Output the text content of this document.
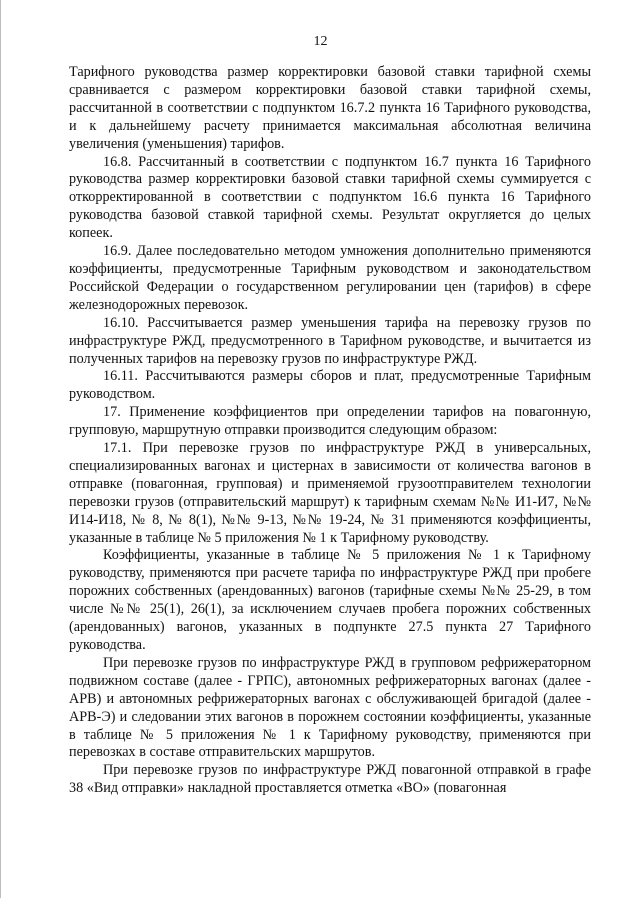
12

Тарифного руководства размер корректировки базовой ставки тарифной схемы сравнивается с размером корректировки базовой ставки тарифной схемы, рассчитанной в соответствии с подпунктом 16.7.2 пункта 16 Тарифного руководства, и к дальнейшему расчету принимается максимальная абсолютная величина увеличения (уменьшения) тарифов.

16.8. Рассчитанный в соответствии с подпунктом 16.7 пункта 16 Тарифного руководства размер корректировки базовой ставки тарифной схемы суммируется с откорректированной в соответствии с подпунктом 16.6 пункта 16 Тарифного руководства базовой ставкой тарифной схемы. Результат округляется до целых копеек.

16.9. Далее последовательно методом умножения дополнительно применяются коэффициенты, предусмотренные Тарифным руководством и законодательством Российской Федерации о государственном регулировании цен (тарифов) в сфере железнодорожных перевозок.

16.10. Рассчитывается размер уменьшения тарифа на перевозку грузов по инфраструктуре РЖД, предусмотренного в Тарифном руководстве, и вычитается из полученных тарифов на перевозку грузов по инфраструктуре РЖД.

16.11. Рассчитываются размеры сборов и плат, предусмотренные Тарифным руководством.

17. Применение коэффициентов при определении тарифов на повагонную, групповую, маршрутную отправки производится следующим образом:

17.1. При перевозке грузов по инфраструктуре РЖД в универсальных, специализированных вагонах и цистернах в зависимости от количества вагонов в отправке (повагонная, групповая) и применяемой грузоотправителем технологии перевозки грузов (отправительский маршрут) к тарифным схемам №№ И1-И7, №№ И14-И18, № 8, № 8(1), №№ 9-13, №№ 19-24, № 31 применяются коэффициенты, указанные в таблице № 5 приложения № 1 к Тарифному руководству.

Коэффициенты, указанные в таблице № 5 приложения № 1 к Тарифному руководству, применяются при расчете тарифа по инфраструктуре РЖД при пробеге порожних собственных (арендованных) вагонов (тарифные схемы №№ 25-29, в том числе №№ 25(1), 26(1), за исключением случаев пробега порожних собственных (арендованных) вагонов, указанных в подпункте 27.5 пункта 27 Тарифного руководства.

При перевозке грузов по инфраструктуре РЖД в групповом рефрижераторном подвижном составе (далее - ГРПС), автономных рефрижераторных вагонах (далее - АРВ) и автономных рефрижераторных вагонах с обслуживающей бригадой (далее - АРВ-Э) и следовании этих вагонов в порожнем состоянии коэффициенты, указанные в таблице № 5 приложения № 1 к Тарифному руководству, применяются при перевозках в составе отправительских маршрутов.

При перевозке грузов по инфраструктуре РЖД повагонной отправкой в графе 38 «Вид отправки» накладной проставляется отметка «ВО» (повагонная
